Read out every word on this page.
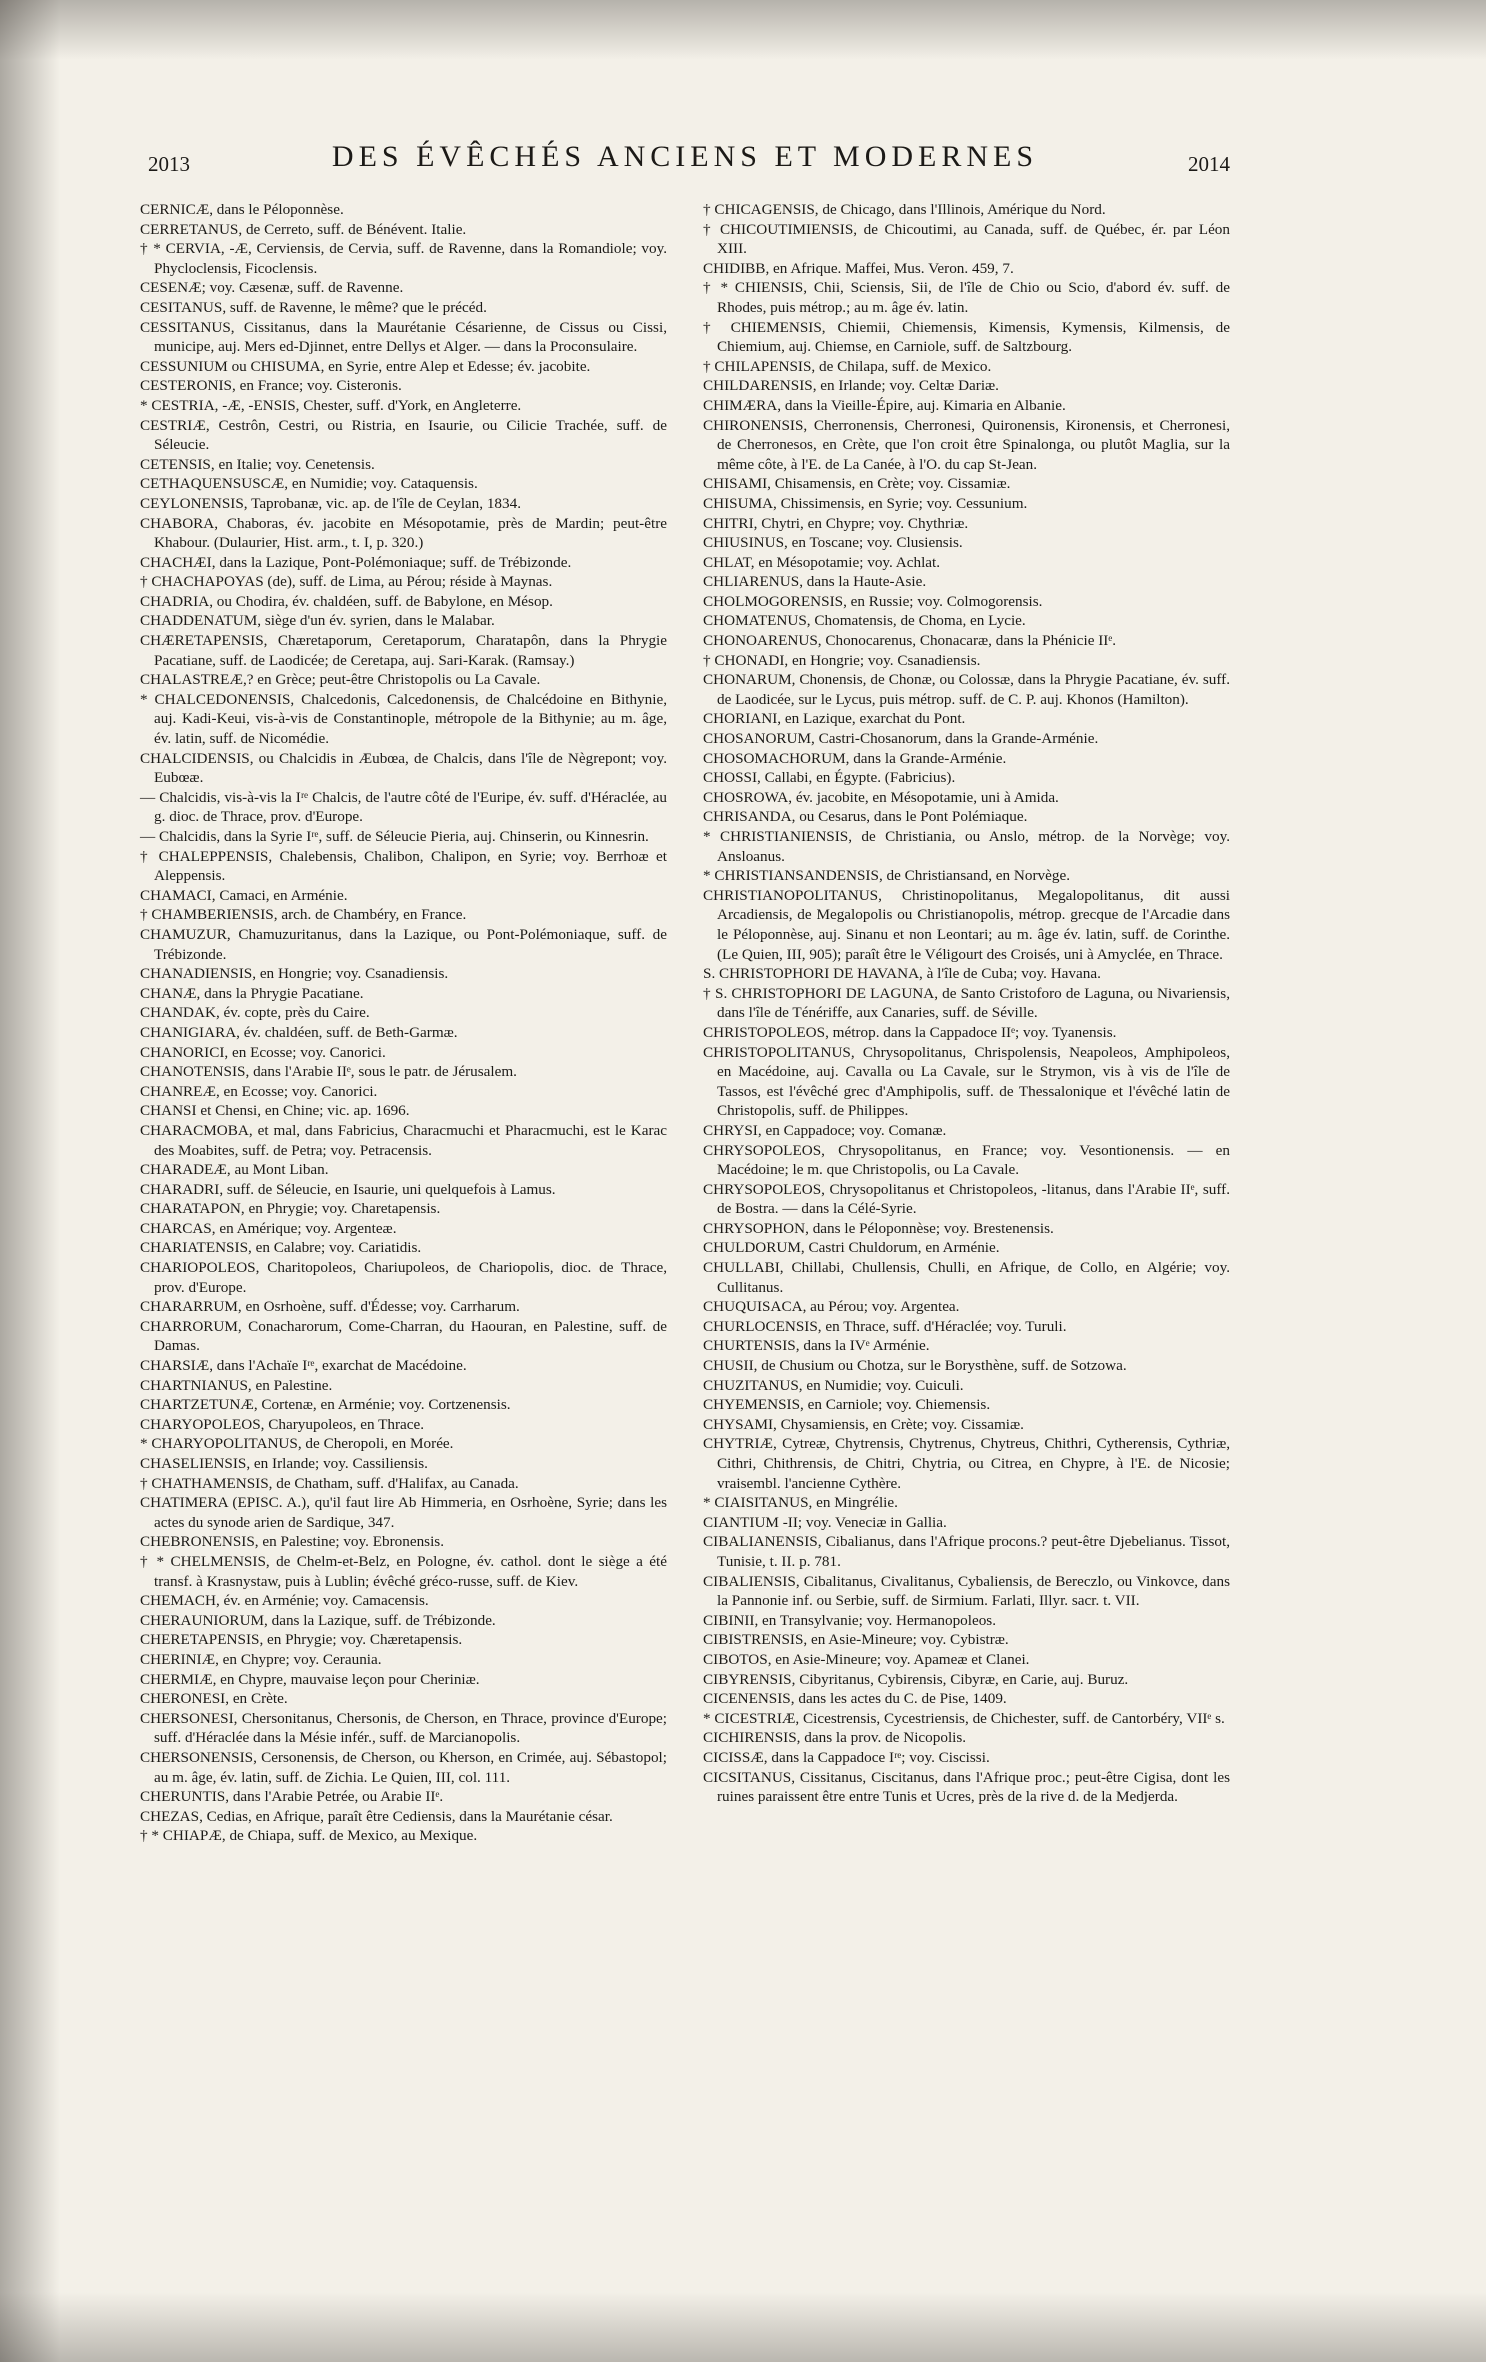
2013	DES ÉVÊCHÉS ANCIENS ET MODERNES	2014

CERNICÆ, dans le Péloponnèse.

CERRETANUS, de Cerreto, suff. de Bénévent. Italie.

† * CERVIA, -Æ, Cerviensis, de Cervia, suff. de Ravenne, dans la Romandiole; voy. Phycloclensis, Ficoclensis.

CESENÆ; voy. Cæsenæ, suff. de Ravenne.

CESITANUS, suff. de Ravenne, le même? que le précéd.

CESSITANUS, Cissitanus, dans la Maurétanie Césarienne, de Cissus ou Cissi, municipe, auj. Mers ed-Djinnet, entre Dellys et Alger. — dans la Proconsulaire.

CESSUNIUM ou CHISUMA, en Syrie, entre Alep et Edesse; év. jacobite.

CESTERONIS, en France; voy. Cisteronis.

* CESTRIA, -Æ, -ENSIS, Chester, suff. d'York, en Angleterre.

CESTRIÆ, Cestrôn, Cestri, ou Ristria, en Isaurie, ou Cilicie Trachée, suff. de Séleucie.

CETENSIS, en Italie; voy. Cenetensis.

CETHAQUENSUSCÆ, en Numidie; voy. Cataquensis.

CEYLONENSIS, Taprobanæ, vic. ap. de l'île de Ceylan, 1834.

CHABORA, Chaboras, év. jacobite en Mésopotamie, près de Mardin; peut-être Khabour. (Dulaurier, Hist. arm., t. I, p. 320.)

CHACHÆI, dans la Lazique, Pont-Polémoniaque; suff. de Trébizonde.

† CHACHAPOYAS (de), suff. de Lima, au Pérou; réside à Maynas.

CHADRIA, ou Chodira, év. chaldéen, suff. de Babylone, en Mésop.

CHADDENATUM, siège d'un év. syrien, dans le Malabar.

CHÆRETAPENSIS, Chæretaporum, Ceretaporum, Charatapôn, dans la Phrygie Pacatiane, suff. de Laodicée; de Ceretapa, auj. Sari-Karak. (Ramsay.)

CHALASTREÆ,? en Grèce; peut-être Christopolis ou La Cavale.

* CHALCEDONENSIS, Chalcedonis, Calcedonensis, de Chalcédoine en Bithynie, auj. Kadi-Keui, vis-à-vis de Constantinople, métropole de la Bithynie; au m. âge, év. latin, suff. de Nicomédie.

CHALCIDENSIS, ou Chalcidis in Æubœa, de Chalcis, dans l'île de Nègrepont; voy. Eubœæ.

— Chalcidis, vis-à-vis la Iʳᵉ Chalcis, de l'autre côté de l'Euripe, év. suff. d'Héraclée, au g. dioc. de Thrace, prov. d'Europe.

— Chalcidis, dans la Syrie Iʳᵉ, suff. de Séleucie Pieria, auj. Chinserin, ou Kinnesrin.

† CHALEPPENSIS, Chalebensis, Chalibon, Chalipon, en Syrie; voy. Berrhoæ et Aleppensis.

CHAMACI, Camaci, en Arménie.

† CHAMBERIENSIS, arch. de Chambéry, en France.

CHAMUZUR, Chamuzuritanus, dans la Lazique, ou Pont-Polémoniaque, suff. de Trébizonde.

CHANADIENSIS, en Hongrie; voy. Csanadiensis.

CHANÆ, dans la Phrygie Pacatiane.

CHANDAK, év. copte, près du Caire.

CHANIGIARA, év. chaldéen, suff. de Beth-Garmæ.

CHANORICI, en Ecosse; voy. Canorici.

CHANOTENSIS, dans l'Arabie IIᵉ, sous le patr. de Jérusalem.

CHANREÆ, en Ecosse; voy. Canorici.

CHANSI et Chensi, en Chine; vic. ap. 1696.

CHARACMOBA, et mal, dans Fabricius, Characmuchi et Pharacmuchi, est le Karac des Moabites, suff. de Petra; voy. Petracensis.

CHARADEÆ, au Mont Liban.

CHARADRI, suff. de Séleucie, en Isaurie, uni quelquefois à Lamus.

CHARATAPON, en Phrygie; voy. Charetapensis.

CHARCAS, en Amérique; voy. Argenteæ.

CHARIATENSIS, en Calabre; voy. Cariatidis.

CHARIOPOLEOS, Charitopoleos, Chariupoleos, de Chariopolis, dioc. de Thrace, prov. d'Europe.

CHARARRUM, en Osrhoène, suff. d'Édesse; voy. Carrharum.

CHARRORUM, Conacharorum, Come-Charran, du Haouran, en Palestine, suff. de Damas.

CHARSIÆ, dans l'Achaïe Iʳᵉ, exarchat de Macédoine.

CHARTNIANUS, en Palestine.

CHARTZETUNÆ, Cortenæ, en Arménie; voy. Cortzenensis.

CHARYOPOLEOS, Charyupoleos, en Thrace.

* CHARYOPOLITANUS, de Cheropoli, en Morée.

CHASELIENSIS, en Irlande; voy. Cassiliensis.

† CHATHAMENSIS, de Chatham, suff. d'Halifax, au Canada.

CHATIMERA (EPISC. A.), qu'il faut lire Ab Himmeria, en Osrhoène, Syrie; dans les actes du synode arien de Sardique, 347.

CHEBRONENSIS, en Palestine; voy. Ebronensis.

† * CHELMENSIS, de Chelm-et-Belz, en Pologne, év. cathol. dont le siège a été transf. à Krasnystaw, puis à Lublin; évêché gréco-russe, suff. de Kiev.

CHEMACH, év. en Arménie; voy. Camacensis.

CHERAUNIORUM, dans la Lazique, suff. de Trébizonde.

CHERETAPENSIS, en Phrygie; voy. Chæretapensis.

CHERINIÆ, en Chypre; voy. Ceraunia.

CHERMIÆ, en Chypre, mauvaise leçon pour Cheriniæ.

CHERONESI, en Crète.

CHERSONESI, Chersonitanus, Chersonis, de Cherson, en Thrace, province d'Europe; suff. d'Héraclée dans la Mésie infér., suff. de Marcianopolis.

CHERSONENSIS, Cersonensis, de Cherson, ou Kherson, en Crimée, auj. Sébastopol; au m. âge, év. latin, suff. de Zichia. Le Quien, III, col. 111.

CHERUNTIS, dans l'Arabie Petrée, ou Arabie IIᵉ.

CHEZAS, Cedias, en Afrique, paraît être Cediensis, dans la Maurétanie césar.

† * CHIAPÆ, de Chiapa, suff. de Mexico, au Mexique.

† CHICAGENSIS, de Chicago, dans l'Illinois, Amérique du Nord.

† CHICOUTIMIENSIS, de Chicoutimi, au Canada, suff. de Québec, ér. par Léon XIII.

CHIDIBB, en Afrique. Maffei, Mus. Veron. 459, 7.

† * CHIENSIS, Chii, Sciensis, Sii, de l'île de Chio ou Scio, d'abord év. suff. de Rhodes, puis métrop.; au m. âge év. latin.

† CHIEMENSIS, Chiemii, Chiemensis, Kimensis, Kymensis, Kilmensis, de Chiemium, auj. Chiemse, en Carniole, suff. de Saltzbourg.

† CHILAPENSIS, de Chilapa, suff. de Mexico.

CHILDARENSIS, en Irlande; voy. Celtæ Dariæ.

CHIMÆRA, dans la Vieille-Épire, auj. Kimaria en Albanie.

CHIRONENSIS, Cherronensis, Cherronesi, Quironensis, Kironensis, et Cherronesi, de Cherronesos, en Crète, que l'on croit être Spinalonga, ou plutôt Maglia, sur la même côte, à l'E. de La Canée, à l'O. du cap St-Jean.

CHISAMI, Chisamensis, en Crète; voy. Cissamiæ.

CHISUMA, Chissimensis, en Syrie; voy. Cessunium.

CHITRI, Chytri, en Chypre; voy. Chythriæ.

CHIUSINUS, en Toscane; voy. Clusiensis.

CHLAT, en Mésopotamie; voy. Achlat.

CHLIARENUS, dans la Haute-Asie.

CHOLMOGORENSIS, en Russie; voy. Colmogorensis.

CHOMATENUS, Chomatensis, de Choma, en Lycie.

CHONOARENUS, Chonocarenus, Chonacaræ, dans la Phénicie IIᵉ.

† CHONADI, en Hongrie; voy. Csanadiensis.

CHONARUM, Chonensis, de Chonæ, ou Colossæ, dans la Phrygie Pacatiane, év. suff. de Laodicée, sur le Lycus, puis métrop. suff. de C. P. auj. Khonos (Hamilton).

CHORIANI, en Lazique, exarchat du Pont.

CHOSANORUM, Castri-Chosanorum, dans la Grande-Arménie.

CHOSOMACHORUM, dans la Grande-Arménie.

CHOSSI, Callabi, en Égypte. (Fabricius).

CHOSROWA, év. jacobite, en Mésopotamie, uni à Amida.

CHRISANDA, ou Cesarus, dans le Pont Polémiaque.

* CHRISTIANIENSIS, de Christiania, ou Anslo, métrop. de la Norvège; voy. Ansloanus.

* CHRISTIANSANDENSIS, de Christiansand, en Norvège.

CHRISTIANOPOLITANUS, Christinopolitanus, Megalopolitanus, dit aussi Arcadiensis, de Megalopolis ou Christianopolis, métrop. grecque de l'Arcadie dans le Péloponnèse, auj. Sinanu et non Leontari; au m. âge év. latin, suff. de Corinthe. (Le Quien, III, 905); paraît être le Véligourt des Croisés, uni à Amyclée, en Thrace.

S. CHRISTOPHORI DE HAVANA, à l'île de Cuba; voy. Havana.

† S. CHRISTOPHORI DE LAGUNA, de Santo Cristoforo de Laguna, ou Nivariensis, dans l'île de Ténériffe, aux Canaries, suff. de Séville.

CHRISTOPOLEOS, métrop. dans la Cappadoce IIᵉ; voy. Tyanensis.

CHRISTOPOLITANUS, Chrysopolitanus, Chrispolensis, Neapoleos, Amphipoleos, en Macédoine, auj. Cavalla ou La Cavale, sur le Strymon, vis à vis de l'île de Tassos, est l'évêché grec d'Amphipolis, suff. de Thessalonique et l'évêché latin de Christopolis, suff. de Philippes.

CHRYSI, en Cappadoce; voy. Comanæ.

CHRYSOPOLEOS, Chrysopolitanus, en France; voy. Vesontionensis. — en Macédoine; le m. que Christopolis, ou La Cavale.

CHRYSOPOLEOS, Chrysopolitanus et Christopoleos, -litanus, dans l'Arabie IIᵉ, suff. de Bostra. — dans la Célé-Syrie.

CHRYSOPHON, dans le Péloponnèse; voy. Brestenensis.

CHULDORUM, Castri Chuldorum, en Arménie.

CHULLABI, Chillabi, Chullensis, Chulli, en Afrique, de Collo, en Algérie; voy. Cullitanus.

CHUQUISACA, au Pérou; voy. Argentea.

CHURLOCENSIS, en Thrace, suff. d'Héraclée; voy. Turuli.

CHURTENSIS, dans la IVᵉ Arménie.

CHUSII, de Chusium ou Chotza, sur le Borysthène, suff. de Sotzowa.

CHUZITANUS, en Numidie; voy. Cuiculi.

CHYEMENSIS, en Carniole; voy. Chiemensis.

CHYSAMI, Chysamiensis, en Crète; voy. Cissamiæ.

CHYTRIÆ, Cytreæ, Chytrensis, Chytrenus, Chytreus, Chithri, Cytherensis, Cythriæ, Cithri, Chithrensis, de Chitri, Chytria, ou Citrea, en Chypre, à l'E. de Nicosie; vraisembl. l'ancienne Cythère.

* CIAISITANUS, en Mingrélie.

CIANTIUM -II; voy. Veneciæ in Gallia.

CIBALIANENSIS, Cibalianus, dans l'Afrique procons.? peut-être Djebelianus. Tissot, Tunisie, t. II. p. 781.

CIBALIENSIS, Cibalitanus, Civalitanus, Cybaliensis, de Bereczlo, ou Vinkovce, dans la Pannonie inf. ou Serbie, suff. de Sirmium. Farlati, Illyr. sacr. t. VII.

CIBINII, en Transylvanie; voy. Hermanopoleos.

CIBISTRENSIS, en Asie-Mineure; voy. Cybistræ.

CIBOTOS, en Asie-Mineure; voy. Apameæ et Clanei.

CIBYRENSIS, Cibyritanus, Cybirensis, Cibyræ, en Carie, auj. Buruz.

CICENENSIS, dans les actes du C. de Pise, 1409.

* CICESTRIÆ, Cicestrensis, Cycestriensis, de Chichester, suff. de Cantorbéry, VIIᵉ s.

CICHIRENSIS, dans la prov. de Nicopolis.

CICISSÆ, dans la Cappadoce Iʳᵉ; voy. Ciscissi.

CICSITANUS, Cissitanus, Ciscitanus, dans l'Afrique proc.; peut-être Cigisa, dont les ruines paraissent être entre Tunis et Ucres, près de la rive d. de la Medjerda.
